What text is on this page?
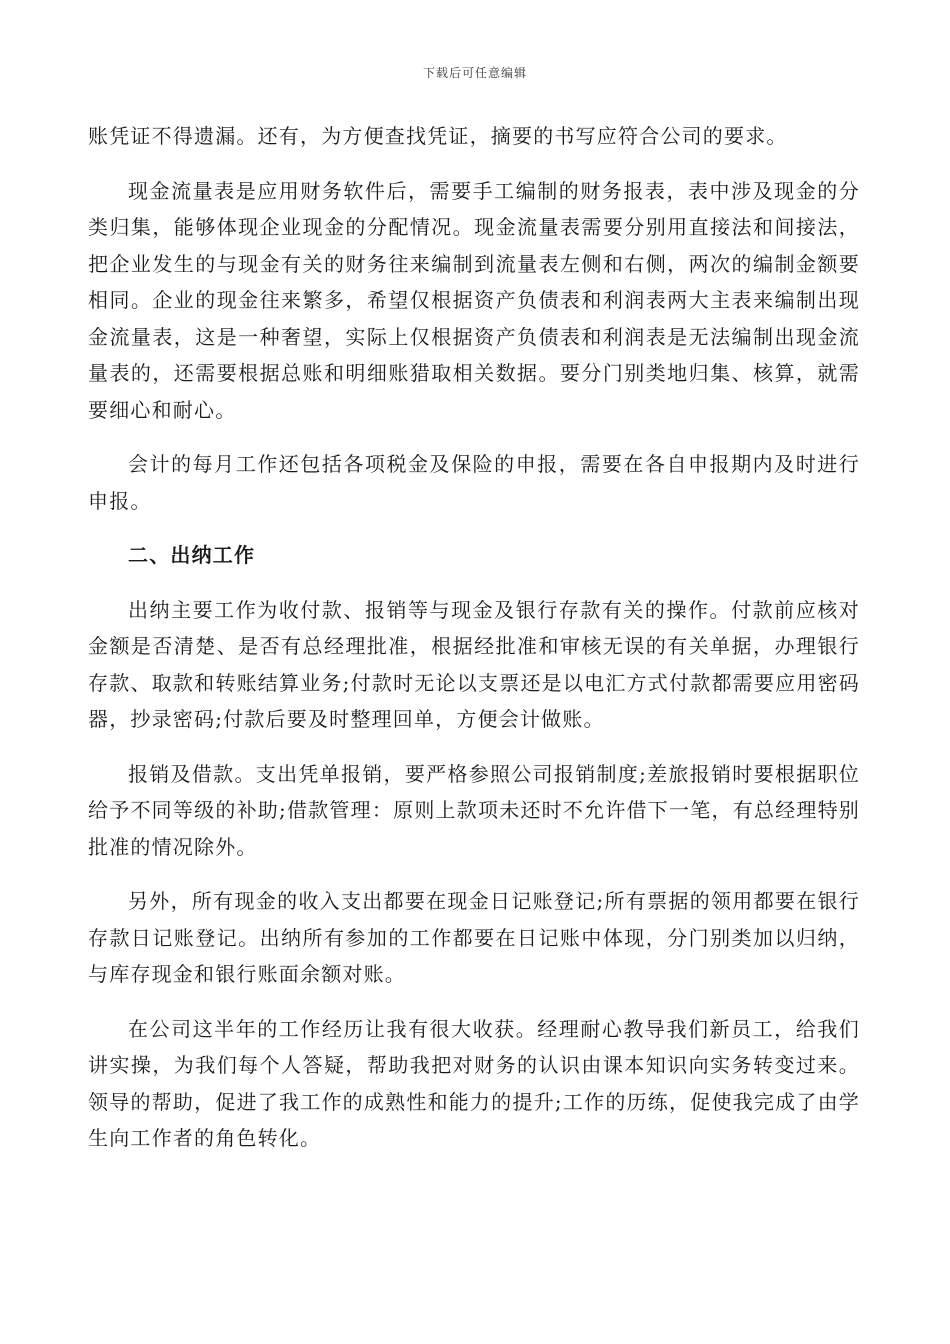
下载后可任意编辑

账凭证不得遗漏。还有，为方便查找凭证，摘要的书写应符合公司的要求。

现金流量表是应用财务软件后，需要手工编制的财务报表，表中涉及现金的分类归集，能够体现企业现金的分配情况。现金流量表需要分别用直接法和间接法，把企业发生的与现金有关的财务往来编制到流量表左侧和右侧，两次的编制金额要相同。企业的现金往来繁多，希望仅根据资产负债表和利润表两大主表来编制出现金流量表，这是一种奢望，实际上仅根据资产负债表和利润表是无法编制出现金流量表的，还需要根据总账和明细账猎取相关数据。要分门别类地归集、核算，就需要细心和耐心。

会计的每月工作还包括各项税金及保险的申报，需要在各自申报期内及时进行申报。

二、出纳工作

出纳主要工作为收付款、报销等与现金及银行存款有关的操作。付款前应核对金额是否清楚、是否有总经理批准，根据经批准和审核无误的有关单据，办理银行存款、取款和转账结算业务;付款时无论以支票还是以电汇方式付款都需要应用密码器，抄录密码;付款后要及时整理回单，方便会计做账。

报销及借款。支出凭单报销，要严格参照公司报销制度;差旅报销时要根据职位给予不同等级的补助;借款管理：原则上款项未还时不允许借下一笔，有总经理特别批准的情况除外。

另外，所有现金的收入支出都要在现金日记账登记;所有票据的领用都要在银行存款日记账登记。出纳所有参加的工作都要在日记账中体现，分门别类加以归纳，与库存现金和银行账面余额对账。

在公司这半年的工作经历让我有很大收获。经理耐心教导我们新员工，给我们讲实操，为我们每个人答疑，帮助我把对财务的认识由课本知识向实务转变过来。领导的帮助，促进了我工作的成熟性和能力的提升;工作的历练，促使我完成了由学生向工作者的角色转化。
